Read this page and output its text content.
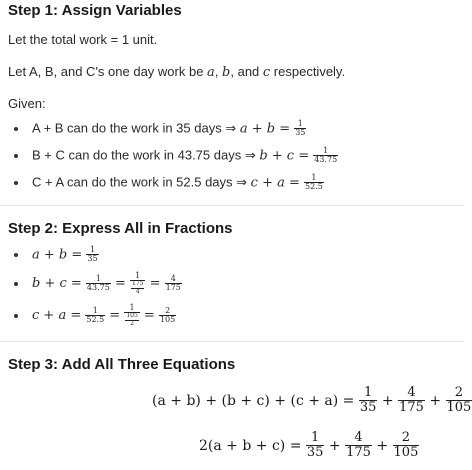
Step 1: Assign Variables

Let the total work = 1 unit.

Let A, B, and C's one day work be a, b, and c respectively.

Given:

A + B can do the work in 35 days ⇒ $a + b = \frac{1}{35}$
B + C can do the work in 43.75 days ⇒ $b + c = \frac{1}{43.75}$
C + A can do the work in 52.5 days ⇒ $c + a = \frac{1}{52.5}$
Step 2: Express All in Fractions
$a + b = \frac{1}{35}$
$b + c = \frac{1}{43.75} = \frac{1}{\frac{175}{4}} = \frac{4}{175}$
$c + a = \frac{1}{52.5} = \frac{1}{\frac{105}{2}} = \frac{2}{105}$
Step 3: Add All Three Equations
$(a + b) + (b + c) + (c + a) = \frac{1}{35} + \frac{4}{175} + \frac{2}{105}$
$2(a + b + c) = \frac{1}{35} + \frac{4}{175} + \frac{2}{105}$
